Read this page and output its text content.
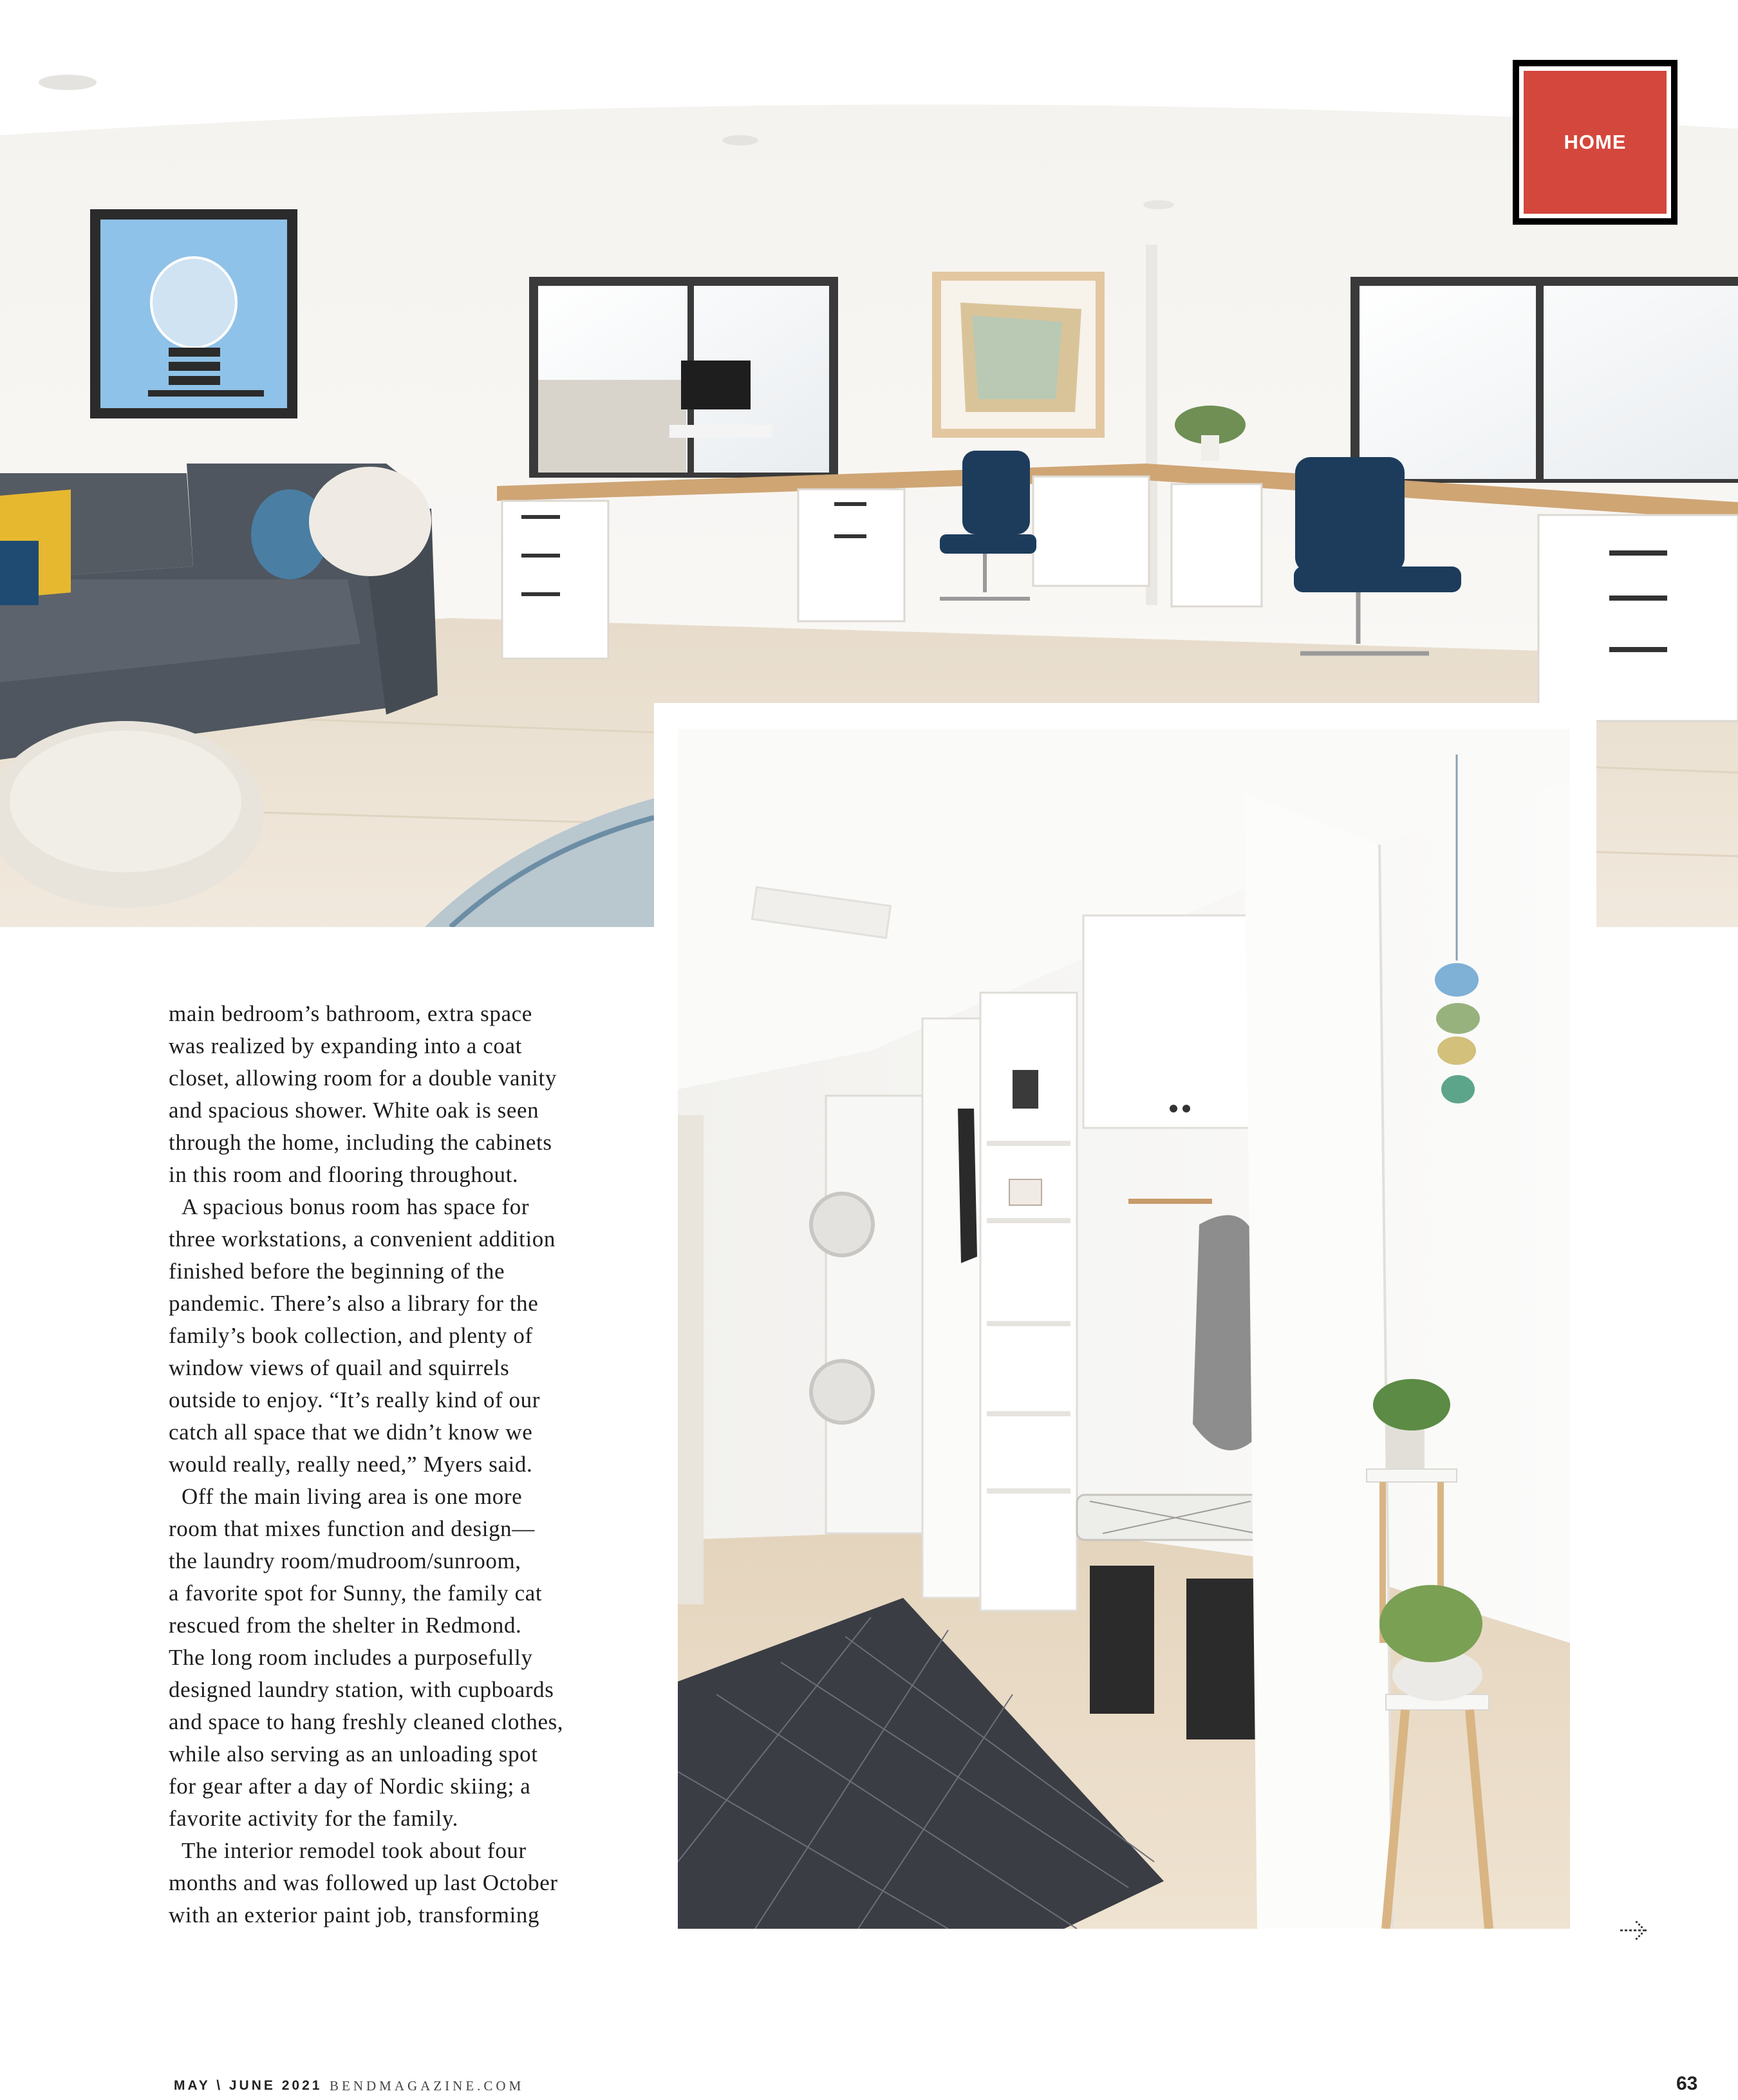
HOME
main bedroom’s bathroom, extra space
was realized by expanding into a coat
closet, allowing room for a double vanity
and spacious shower. White oak is seen
through the home, including the cabinets
in this room and flooring throughout.
A spacious bonus room has space for
three workstations, a convenient addition
finished before the beginning of the
pandemic. There’s also a library for the
family’s book collection, and plenty of
window views of quail and squirrels
outside to enjoy. “It’s really kind of our
catch all space that we didn’t know we
would really, really need,” Myers said.
Off the main living area is one more
room that mixes function and design—
the laundry room/mudroom/sunroom,
a favorite spot for Sunny, the family cat
rescued from the shelter in Redmond.
The long room includes a purposefully
designed laundry station, with cupboards
and space to hang freshly cleaned clothes,
while also serving as an unloading spot
for gear after a day of Nordic skiing; a
favorite activity for the family.
The interior remodel took about four
months and was followed up last October
with an exterior paint job, transforming
MAY \ JUNE 2021 BENDMAGAZINE.COM	63
